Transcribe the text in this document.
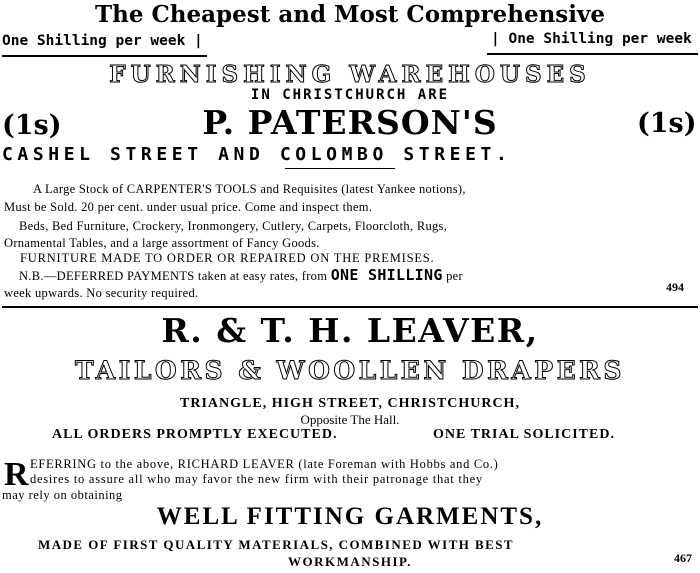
The Cheapest and Most Comprehensive
One Shilling per week |	| One Shilling per week
FURNISHING WAREHOUSES
IN CHRISTCHURCH ARE
(1s)	P. PATERSON'S	(1s)
CASHEL STREET AND COLOMBO STREET.
A Large Stock of CARPENTER'S TOOLS and Requisites (latest Yankee notions),
Must be Sold. 20 per cent. under usual price. Come and inspect them.
Beds, Bed Furniture, Crockery, Ironmongery, Cutlery, Carpets, Floorcloth, Rugs,
Ornamental Tables, and a large assortment of Fancy Goods.
FURNITURE MADE TO ORDER OR REPAIRED ON THE PREMISES.
N.B.—DEFERRED PAYMENTS taken at easy rates, from ONE SHILLING per
week upwards. No security required.	494
R. & T. H. LEAVER,
TAILORS & WOOLLEN DRAPERS
TRIANGLE, HIGH STREET, CHRISTCHURCH,
Opposite The Hall.
ALL ORDERS PROMPTLY EXECUTED.	ONE TRIAL SOLICITED.
R EFERRING to the above, RICHARD LEAVER (late Foreman with Hobbs and Co.)
desires to assure all who may favor the new firm with their patronage that they
may rely on obtaining
WELL FITTING GARMENTS,
MADE OF FIRST QUALITY MATERIALS, COMBINED WITH BEST
WORKMANSHIP.	467
